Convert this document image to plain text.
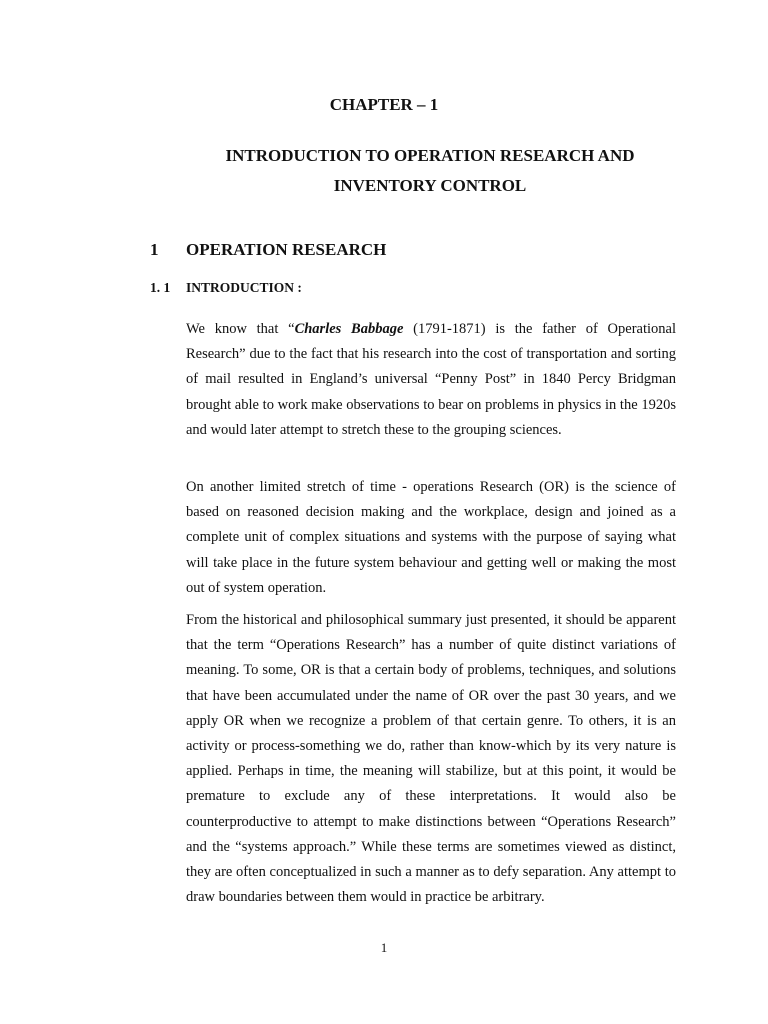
CHAPTER – 1
INTRODUCTION TO OPERATION RESEARCH AND INVENTORY CONTROL
1 OPERATION RESEARCH
1. 1 INTRODUCTION :

We know that “Charles Babbage (1791-1871) is the father of Operational Research” due to the fact that his research into the cost of transportation and sorting of mail resulted in England’s universal “Penny Post” in 1840 Percy Bridgman brought able to work make observations to bear on problems in physics in the 1920s and would later attempt to stretch these to the grouping sciences.

On another limited stretch of time - operations Research (OR) is the science of based on reasoned decision making and the workplace, design and joined as a complete unit of complex situations and systems with the purpose of saying what will take place in the future system behaviour and getting well or making the most out of system operation.

From the historical and philosophical summary just presented, it should be apparent that the term “Operations Research” has a number of quite distinct variations of meaning. To some, OR is that a certain body of problems, techniques, and solutions that have been accumulated under the name of OR over the past 30 years, and we apply OR when we recognize a problem of that certain genre. To others, it is an activity or process-something we do, rather than know-which by its very nature is applied. Perhaps in time, the meaning will stabilize, but at this point, it would be premature to exclude any of these interpretations. It would also be counterproductive to attempt to make distinctions between “Operations Research” and the “systems approach.” While these terms are sometimes viewed as distinct, they are often conceptualized in such a manner as to defy separation. Any attempt to draw boundaries between them would in practice be arbitrary.

1
